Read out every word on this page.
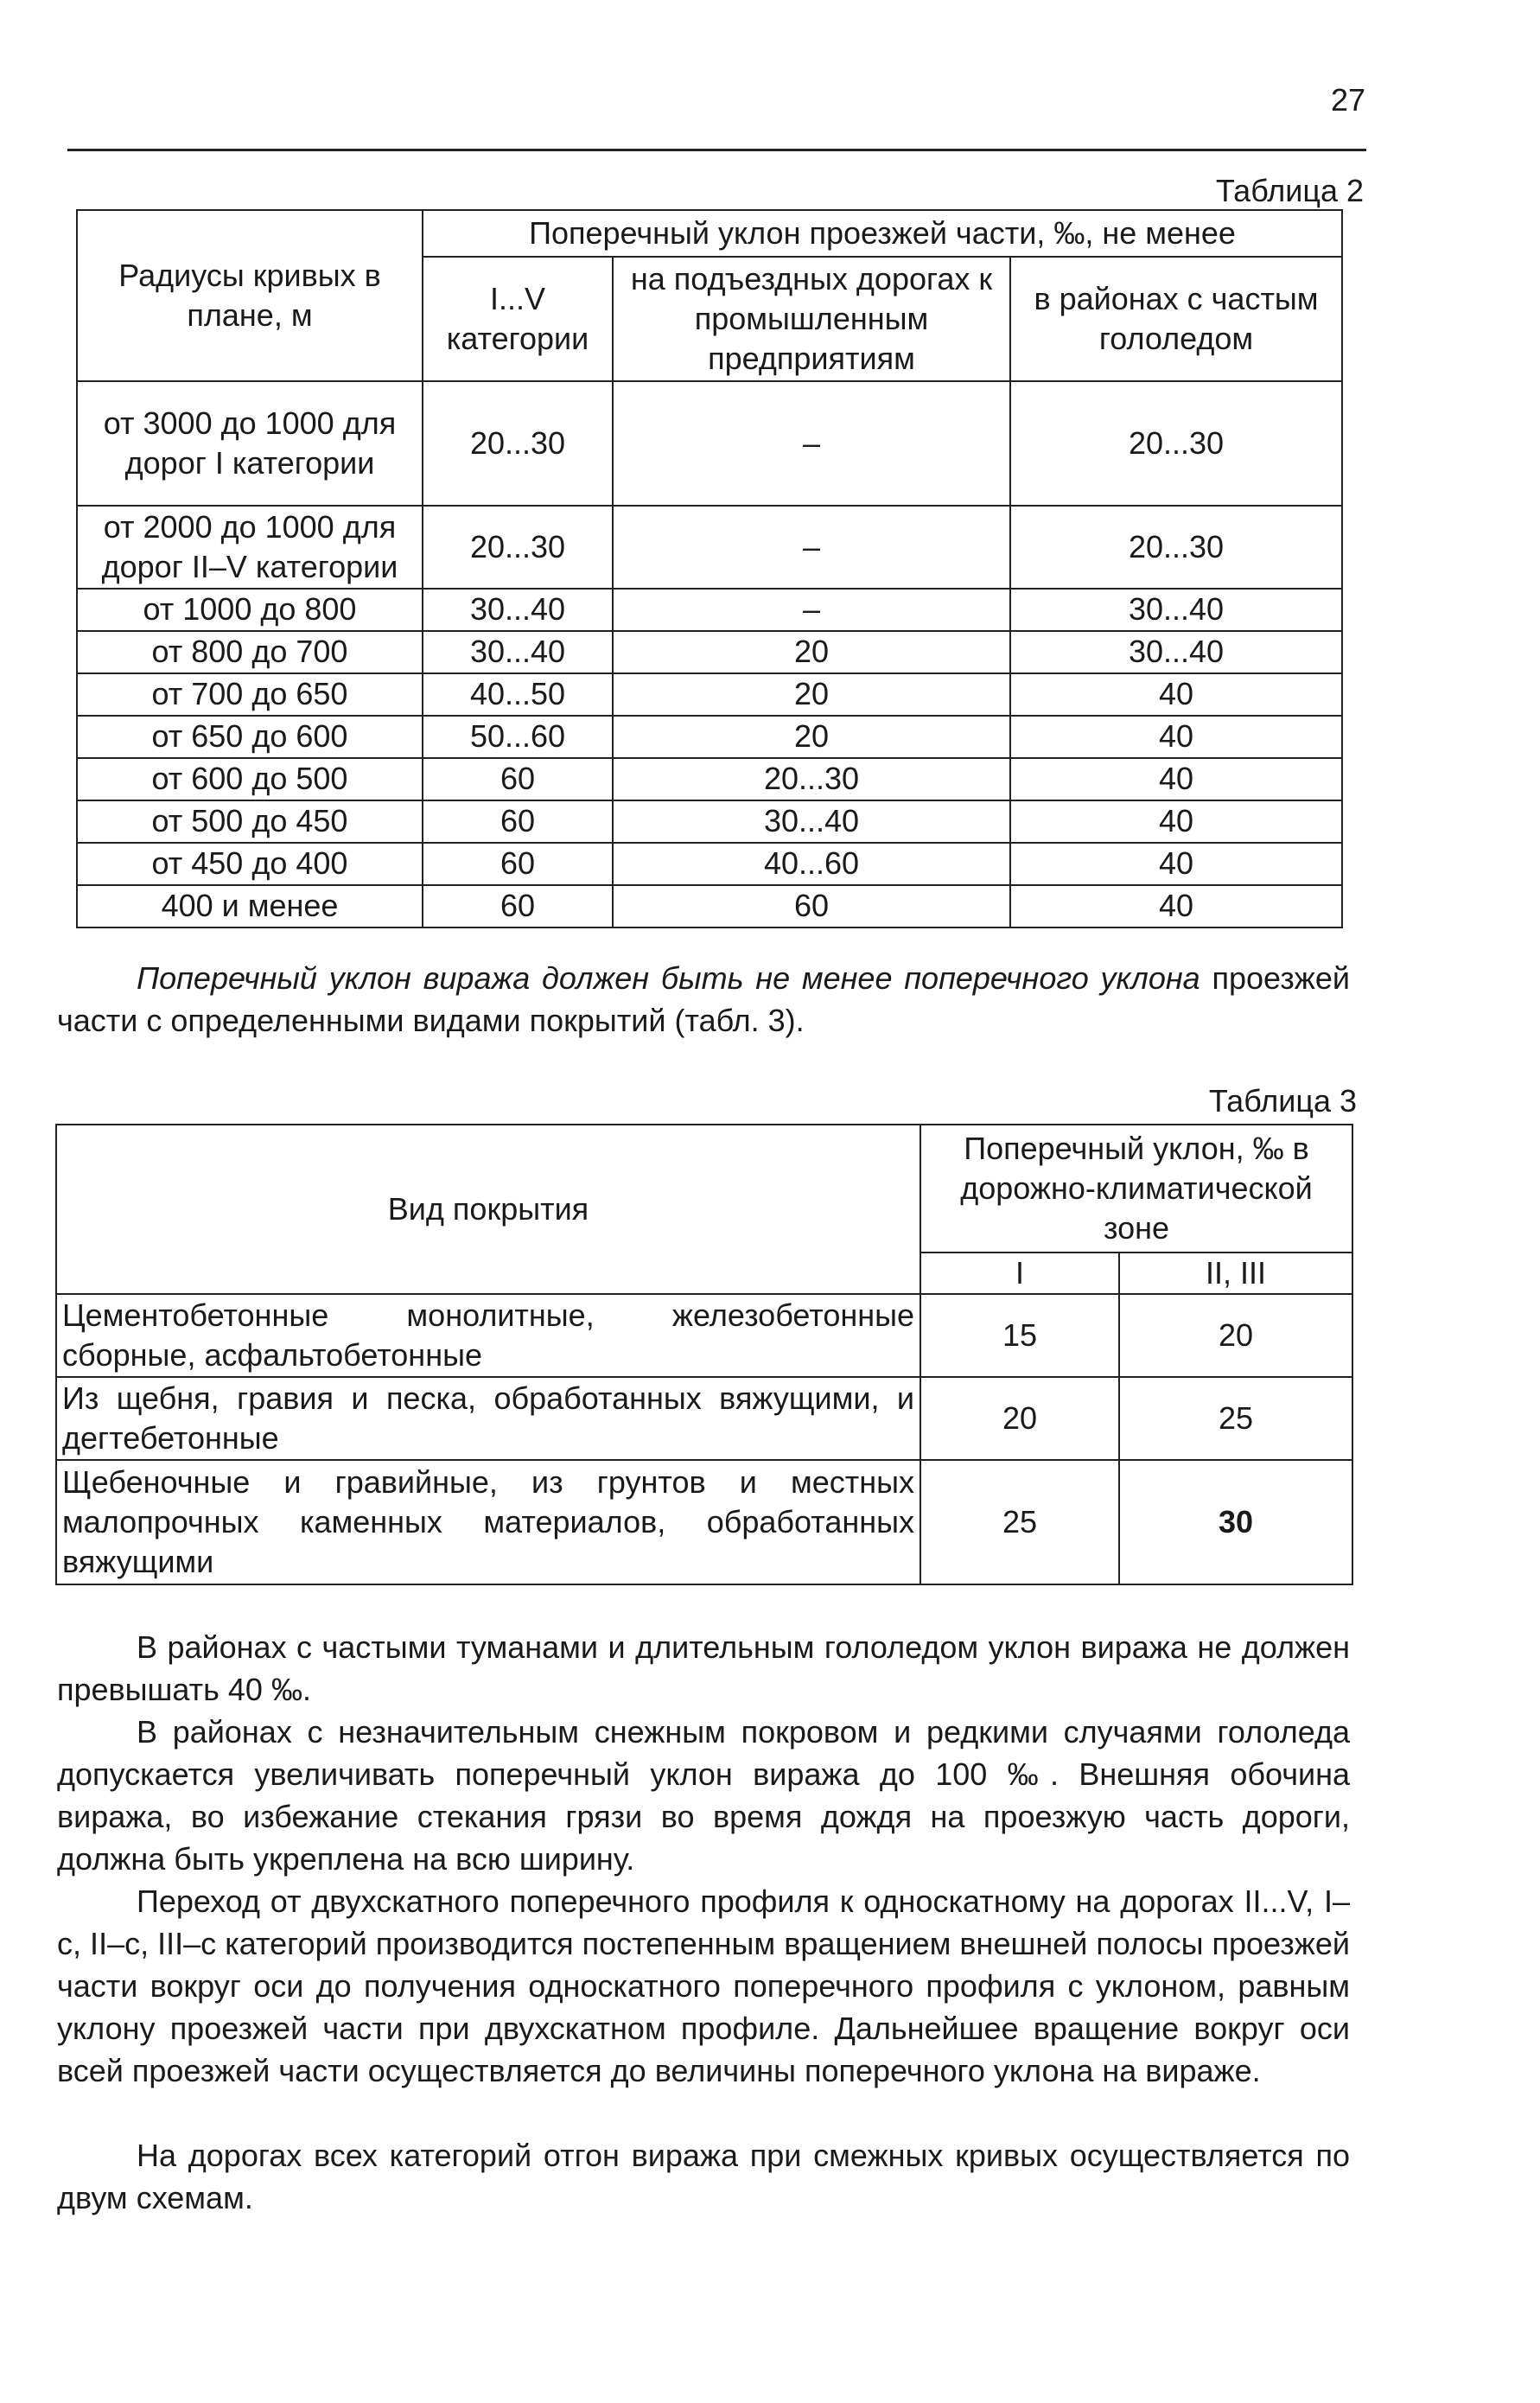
27
Таблица 2
Радиусы кривых в плане, м	Поперечный уклон проезжей части, ‰, не менее		
	I...V категории	на подъездных дорогах к промышленным предприятиям	в районах с частым гололедом
от 3000 до 1000 для дорог I категории	20...30	–	20...30
от 2000 до 1000 для дорог II–V категории	20...30	–	20...30
от 1000 до 800	30...40	–	30...40
от 800 до 700	30...40	20	30...40
от 700 до 650	40...50	20	40
от 650 до 600	50...60	20	40
от 600 до 500	60	20...30	40
от 500 до 450	60	30...40	40
от 450 до 400	60	40...60	40
400 и менее	60	60	40

Поперечный уклон виража должен быть не менее поперечного уклона проезжей части с определенными видами покрытий (табл. 3).

Таблица 3
Вид покрытия	Поперечный уклон, ‰ в дорожно-климатической зоне	
	I	II, III
Цементобетонные монолитные, железобетонные сборные, асфальтобетонные	15	20
Из щебня, гравия и песка, обработанных вяжущими, и дегтебетонные	20	25
Щебеночные и гравийные, из грунтов и местных малопрочных каменных материалов, обработанных вяжущими	25	30

В районах с частыми туманами и длительным гололедом уклон виража не должен превышать 40 ‰.

В районах с незначительным снежным покровом и редкими случаями гололеда допускается увеличивать поперечный уклон виража до 100 ‰. Внешняя обочина виража, во избежание стекания грязи во время дождя на проезжую часть дороги, должна быть укреплена на всю ширину.

Переход от двухскатного поперечного профиля к односкатному на дорогах II...V, I–c, II–c, III–c категорий производится постепенным вращением внешней полосы проезжей части вокруг оси до получения односкатного поперечного профиля с уклоном, равным уклону проезжей части при двухскатном профиле. Дальнейшее вращение вокруг оси всей проезжей части осуществляется до величины поперечного уклона на вираже.

На дорогах всех категорий отгон виража при смежных кривых осуществляется по двум схемам.
